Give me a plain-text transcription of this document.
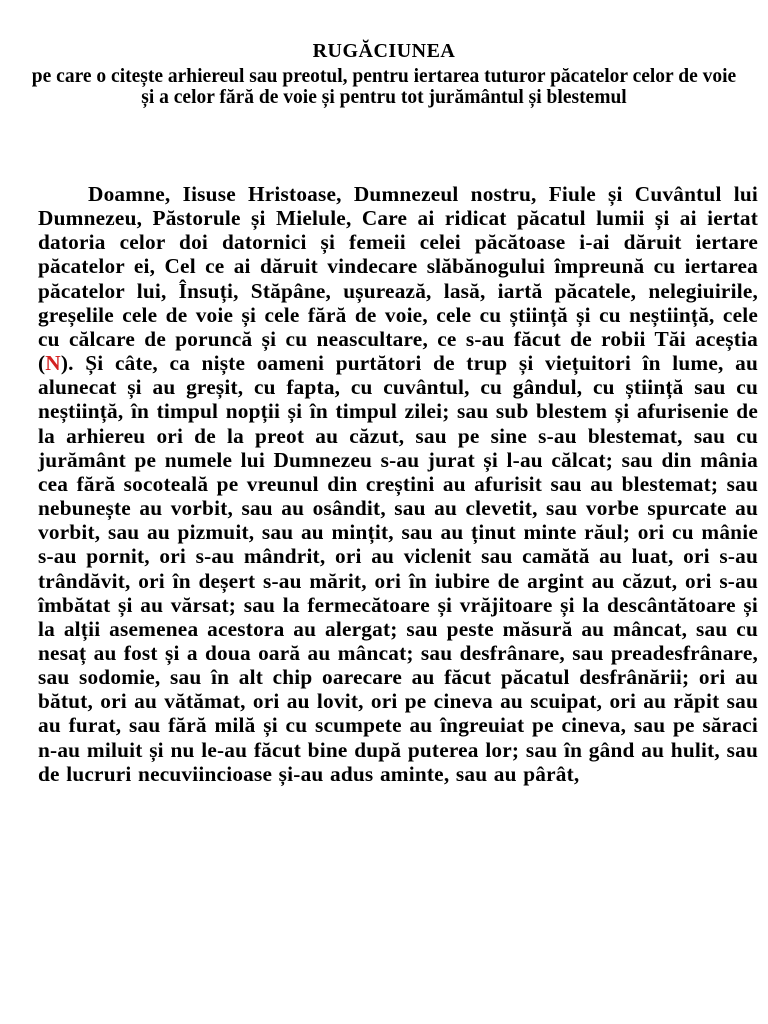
RUGĂCIUNEA
pe care o citește arhiereul sau preotul, pentru iertarea tuturor păcatelor celor de voie și a celor fără de voie și pentru tot jurământul și blestemul

Doamne, Iisuse Hristoase, Dumnezeul nostru, Fiule și Cuvântul lui Dumnezeu, Păstorule și Mielule, Care ai ridicat păcatul lumii și ai iertat datoria celor doi datornici și femeii celei păcătoase i-ai dăruit iertare păcatelor ei, Cel ce ai dăruit vindecare slăbănogului împreună cu iertarea păcatelor lui, Însuți, Stăpâne, ușurează, lasă, iartă păcatele, nelegiuirile, greșelile cele de voie și cele fără de voie, cele cu știință și cu neștiință, cele cu călcare de poruncă și cu neascultare, ce s-au făcut de robii Tăi aceștia (N). Și câte, ca niște oameni purtători de trup și viețuitori în lume, au alunecat și au greșit, cu fapta, cu cuvântul, cu gândul, cu știință sau cu neștiință, în timpul nopții și în timpul zilei; sau sub blestem și afurisenie de la arhiereu ori de la preot au căzut, sau pe sine s-au blestemat, sau cu jurământ pe numele lui Dumnezeu s-au jurat și l-au călcat; sau din mânia cea fără socoteală pe vreunul din creștini au afurisit sau au blestemat; sau nebunește au vorbit, sau au osândit, sau au clevetit, sau vorbe spurcate au vorbit, sau au pizmuit, sau au mințit, sau au ținut minte răul; ori cu mânie s-au pornit, ori s-au mândrit, ori au viclenit sau camătă au luat, ori s-au trândăvit, ori în deșert s-au mărit, ori în iubire de argint au căzut, ori s-au îmbătat și au vărsat; sau la fermecătoare și vrăjitoare și la descântătoare și la alții asemenea acestora au alergat; sau peste măsură au mâncat, sau cu nesaț au fost și a doua oară au mâncat; sau desfrânare, sau preadesfrânare, sau sodomie, sau în alt chip oarecare au făcut păcatul desfrânării; ori au bătut, ori au vătămat, ori au lovit, ori pe cineva au scuipat, ori au răpit sau au furat, sau fără milă și cu scumpete au îngreuiat pe cineva, sau pe săraci n-au miluit și nu le-au făcut bine după puterea lor; sau în gând au hulit, sau de lucruri necuviincioase și-au adus aminte, sau au pârât,
